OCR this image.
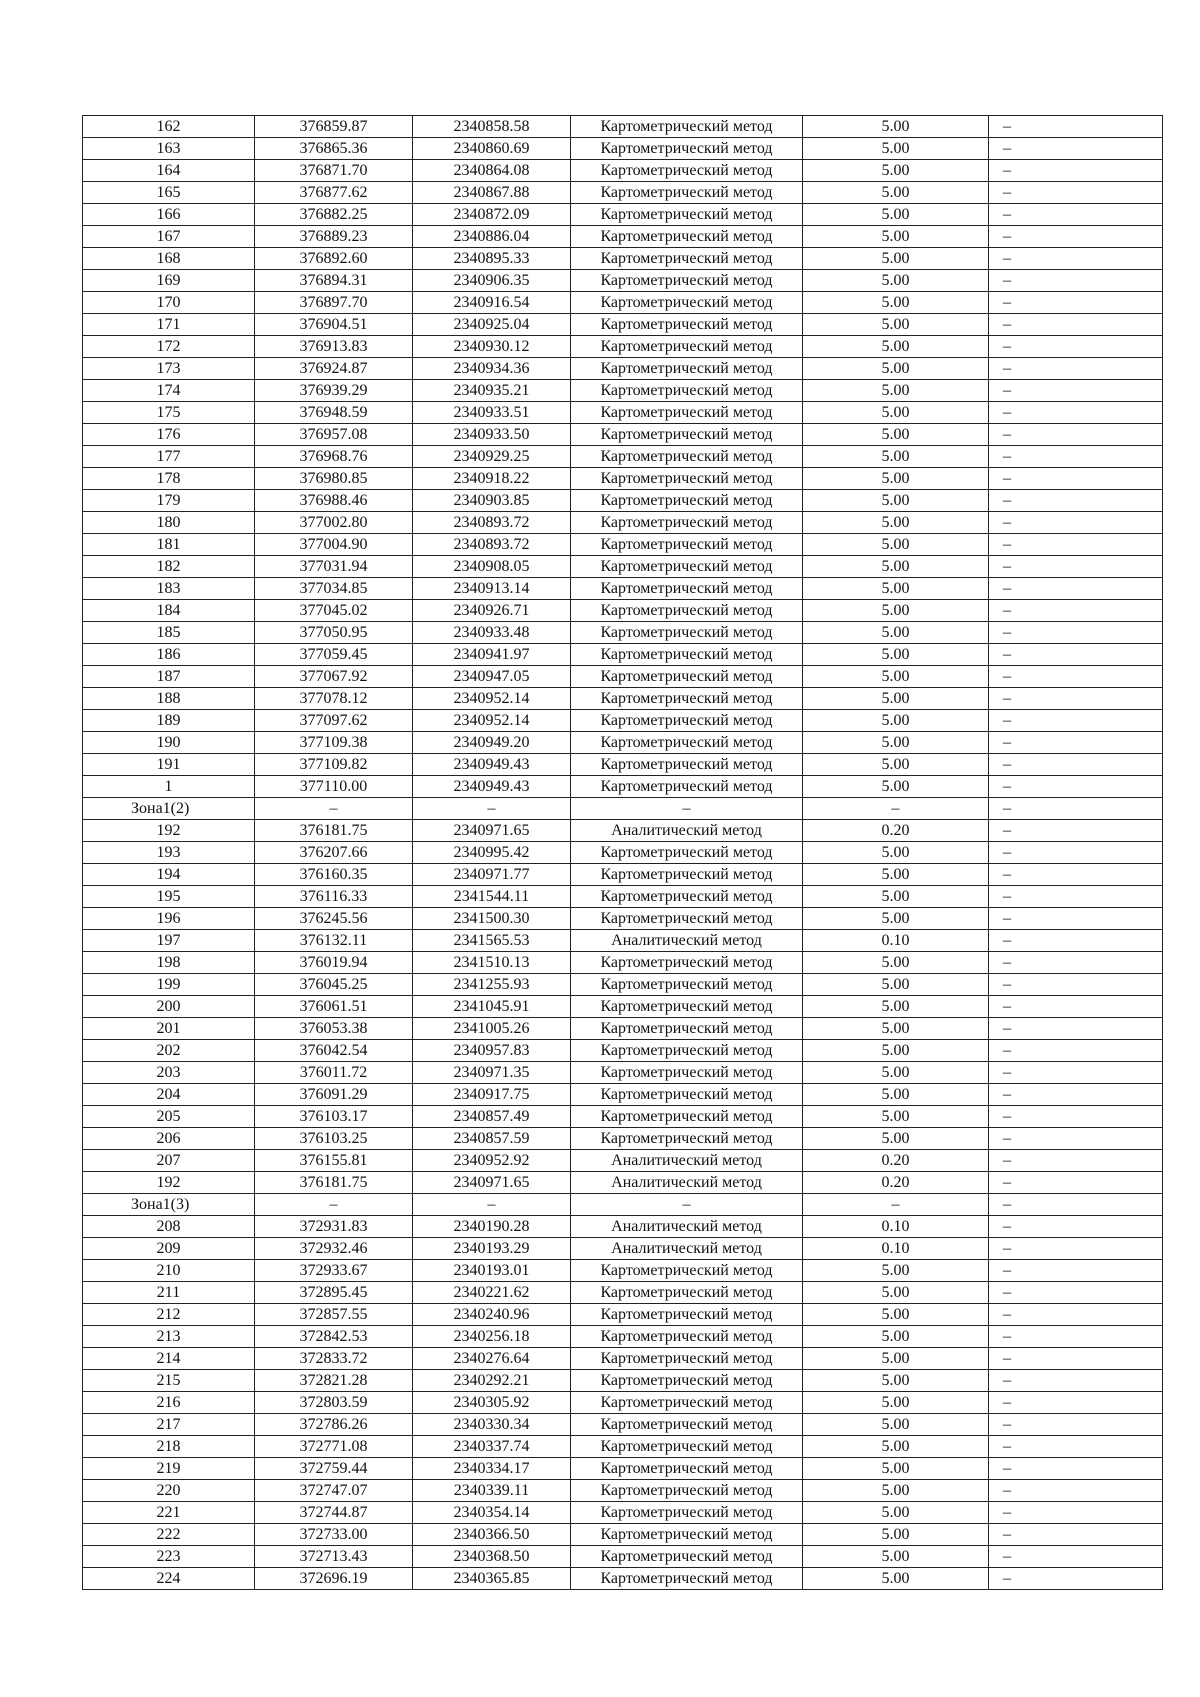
162	376859.87	2340858.58	Картометрический метод	5.00	–
163	376865.36	2340860.69	Картометрический метод	5.00	–
164	376871.70	2340864.08	Картометрический метод	5.00	–
165	376877.62	2340867.88	Картометрический метод	5.00	–
166	376882.25	2340872.09	Картометрический метод	5.00	–
167	376889.23	2340886.04	Картометрический метод	5.00	–
168	376892.60	2340895.33	Картометрический метод	5.00	–
169	376894.31	2340906.35	Картометрический метод	5.00	–
170	376897.70	2340916.54	Картометрический метод	5.00	–
171	376904.51	2340925.04	Картометрический метод	5.00	–
172	376913.83	2340930.12	Картометрический метод	5.00	–
173	376924.87	2340934.36	Картометрический метод	5.00	–
174	376939.29	2340935.21	Картометрический метод	5.00	–
175	376948.59	2340933.51	Картометрический метод	5.00	–
176	376957.08	2340933.50	Картометрический метод	5.00	–
177	376968.76	2340929.25	Картометрический метод	5.00	–
178	376980.85	2340918.22	Картометрический метод	5.00	–
179	376988.46	2340903.85	Картометрический метод	5.00	–
180	377002.80	2340893.72	Картометрический метод	5.00	–
181	377004.90	2340893.72	Картометрический метод	5.00	–
182	377031.94	2340908.05	Картометрический метод	5.00	–
183	377034.85	2340913.14	Картометрический метод	5.00	–
184	377045.02	2340926.71	Картометрический метод	5.00	–
185	377050.95	2340933.48	Картометрический метод	5.00	–
186	377059.45	2340941.97	Картометрический метод	5.00	–
187	377067.92	2340947.05	Картометрический метод	5.00	–
188	377078.12	2340952.14	Картометрический метод	5.00	–
189	377097.62	2340952.14	Картометрический метод	5.00	–
190	377109.38	2340949.20	Картометрический метод	5.00	–
191	377109.82	2340949.43	Картометрический метод	5.00	–
1	377110.00	2340949.43	Картометрический метод	5.00	–
Зона1(2)	–	–	–	–	–
192	376181.75	2340971.65	Аналитический метод	0.20	–
193	376207.66	2340995.42	Картометрический метод	5.00	–
194	376160.35	2340971.77	Картометрический метод	5.00	–
195	376116.33	2341544.11	Картометрический метод	5.00	–
196	376245.56	2341500.30	Картометрический метод	5.00	–
197	376132.11	2341565.53	Аналитический метод	0.10	–
198	376019.94	2341510.13	Картометрический метод	5.00	–
199	376045.25	2341255.93	Картометрический метод	5.00	–
200	376061.51	2341045.91	Картометрический метод	5.00	–
201	376053.38	2341005.26	Картометрический метод	5.00	–
202	376042.54	2340957.83	Картометрический метод	5.00	–
203	376011.72	2340971.35	Картометрический метод	5.00	–
204	376091.29	2340917.75	Картометрический метод	5.00	–
205	376103.17	2340857.49	Картометрический метод	5.00	–
206	376103.25	2340857.59	Картометрический метод	5.00	–
207	376155.81	2340952.92	Аналитический метод	0.20	–
192	376181.75	2340971.65	Аналитический метод	0.20	–
Зона1(3)	–	–	–	–	–
208	372931.83	2340190.28	Аналитический метод	0.10	–
209	372932.46	2340193.29	Аналитический метод	0.10	–
210	372933.67	2340193.01	Картометрический метод	5.00	–
211	372895.45	2340221.62	Картометрический метод	5.00	–
212	372857.55	2340240.96	Картометрический метод	5.00	–
213	372842.53	2340256.18	Картометрический метод	5.00	–
214	372833.72	2340276.64	Картометрический метод	5.00	–
215	372821.28	2340292.21	Картометрический метод	5.00	–
216	372803.59	2340305.92	Картометрический метод	5.00	–
217	372786.26	2340330.34	Картометрический метод	5.00	–
218	372771.08	2340337.74	Картометрический метод	5.00	–
219	372759.44	2340334.17	Картометрический метод	5.00	–
220	372747.07	2340339.11	Картометрический метод	5.00	–
221	372744.87	2340354.14	Картометрический метод	5.00	–
222	372733.00	2340366.50	Картометрический метод	5.00	–
223	372713.43	2340368.50	Картометрический метод	5.00	–
224	372696.19	2340365.85	Картометрический метод	5.00	–
